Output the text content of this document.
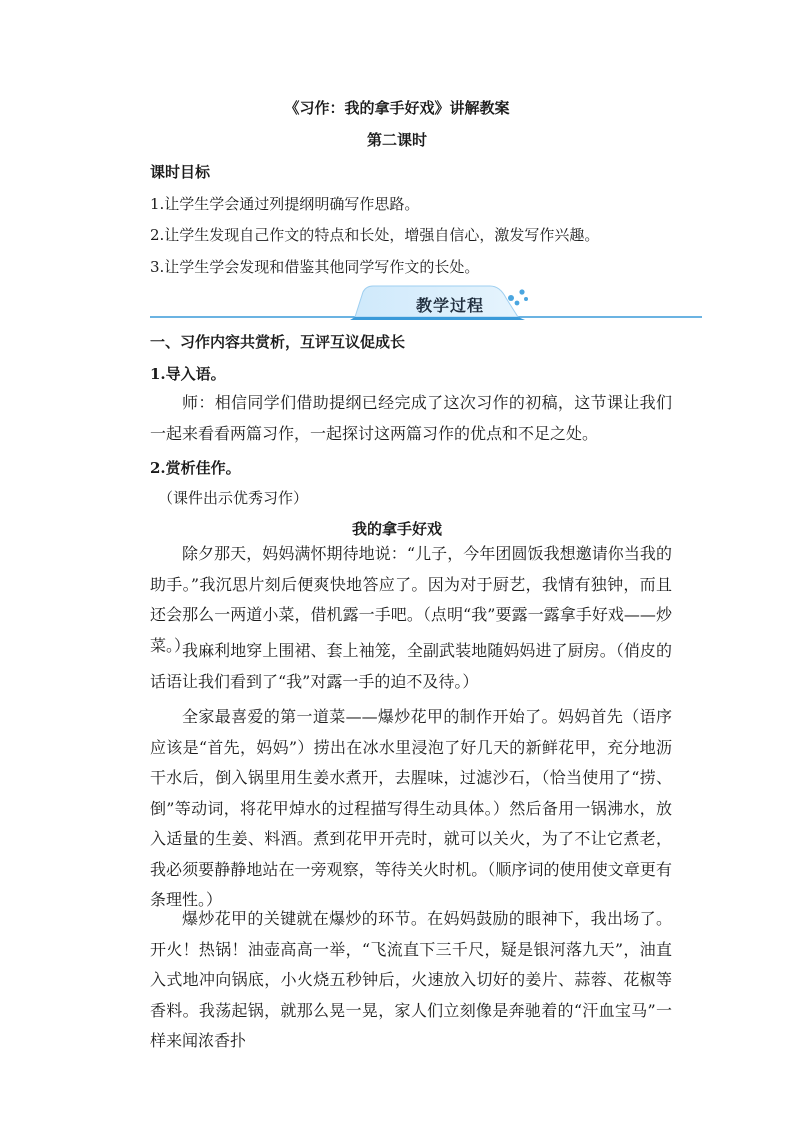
《习作：我的拿手好戏》讲解教案
第二课时
课时目标
1.让学生学会通过列提纲明确写作思路。
2.让学生发现自己作文的特点和长处，增强自信心，激发写作兴趣。
3.让学生学会发现和借鉴其他同学写作文的长处。
教学过程
一、习作内容共赏析，互评互议促成长
1.导入语。
师：相信同学们借助提纲已经完成了这次习作的初稿，这节课让我们一起来看看两篇习作，一起探讨这两篇习作的优点和不足之处。
2.赏析佳作。
（课件出示优秀习作）
我的拿手好戏
除夕那天，妈妈满怀期待地说：“儿子，今年团圆饭我想邀请你当我的助手。”我沉思片刻后便爽快地答应了。因为对于厨艺，我情有独钟，而且还会那么一两道小菜，借机露一手吧。（点明“我”要露一露拿手好戏——炒菜。）
我麻利地穿上围裙、套上袖笼，全副武装地随妈妈进了厨房。（俏皮的话语让我们看到了“我”对露一手的迫不及待。）
全家最喜爱的第一道菜——爆炒花甲的制作开始了。妈妈首先（语序应该是“首先，妈妈”）捞出在冰水里浸泡了好几天的新鲜花甲，充分地沥干水后，倒入锅里用生姜水煮开，去腥味，过滤沙石，（恰当使用了“捞、倒”等动词，将花甲焯水的过程描写得生动具体。）然后备用一锅沸水，放入适量的生姜、料酒。煮到花甲开壳时，就可以关火，为了不让它煮老，我必须要静静地站在一旁观察，等待关火时机。（顺序词的使用使文章更有条理性。）
爆炒花甲的关键就在爆炒的环节。在妈妈鼓励的眼神下，我出场了。开火！热锅！油壶高高一举，“飞流直下三千尺，疑是银河落九天”，油直入式地冲向锅底，小火烧五秒钟后，火速放入切好的姜片、蒜蓉、花椒等香料。我荡起锅，就那么晃一晃，家人们立刻像是奔驰着的“汗血宝马”一样来闻浓香扑
